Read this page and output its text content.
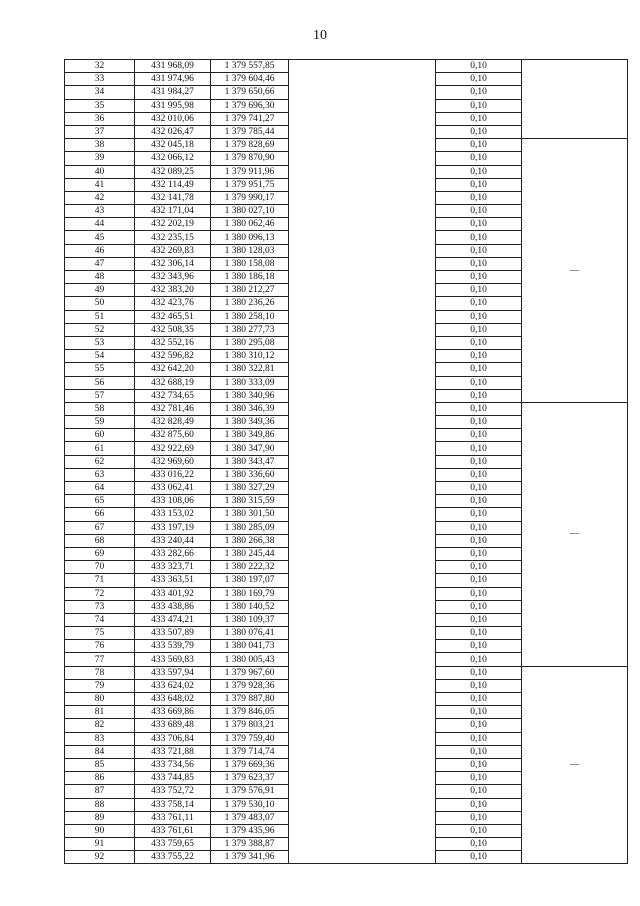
10
32	431 968,09	1 379 557,85		0,10	
33	431 974,96	1 379 604,46		0,10	
34	431 984,27	1 379 650,66		0,10	
35	431 995,98	1 379 696,30		0,10	
36	432 010,06	1 379 741,27		0,10	
37	432 026,47	1 379 785,44		0,10	
38	432 045,18	1 379 828,69		0,10	—
39	432 066,12	1 379 870,90		0,10	
40	432 089,25	1 379 911,96		0,10	
41	432 114,49	1 379 951,75		0,10	
42	432 141,78	1 379 990,17		0,10	
43	432 171,04	1 380 027,10		0,10	
44	432 202,19	1 380 062,46		0,10	
45	432 235,15	1 380 096,13		0,10	
46	432 269,83	1 380 128,03		0,10	
47	432 306,14	1 380 158,08		0,10	
48	432 343,96	1 380 186,18		0,10	
49	432 383,20	1 380 212,27		0,10	
50	432 423,76	1 380 236,26		0,10	
51	432 465,51	1 380 258,10		0,10	
52	432 508,35	1 380 277,73		0,10	
53	432 552,16	1 380 295,08		0,10	
54	432 596,82	1 380 310,12		0,10	
55	432 642,20	1 380 322,81		0,10	
56	432 688,19	1 380 333,09		0,10	
57	432 734,65	1 380 340,96		0,10	
58	432 781,46	1 380 346,39		0,10	—
59	432 828,49	1 380 349,36		0,10	
60	432 875,60	1 380 349,86		0,10	
61	432 922,69	1 380 347,90		0,10	
62	432 969,60	1 380 343,47		0,10	
63	433 016,22	1 380 336,60		0,10	
64	433 062,41	1 380 327,29		0,10	
65	433 108,06	1 380 315,59		0,10	
66	433 153,02	1 380 301,50		0,10	
67	433 197,19	1 380 285,09		0,10	
68	433 240,44	1 380 266,38		0,10	
69	433 282,66	1 380 245,44		0,10	
70	433 323,71	1 380 222,32		0,10	
71	433 363,51	1 380 197,07		0,10	
72	433 401,92	1 380 169,79		0,10	
73	433 438,86	1 380 140,52		0,10	
74	433 474,21	1 380 109,37		0,10	
75	433 507,89	1 380 076,41		0,10	
76	433 539,79	1 380 041,73		0,10	
77	433 569,83	1 380 005,43		0,10	
78	433 597,94	1 379 967,60		0,10	—
79	433 624,02	1 379 928,36		0,10	
80	433 648,02	1 379 887,80		0,10	
81	433 669,86	1 379 846,05		0,10	
82	433 689,48	1 379 803,21		0,10	
83	433 706,84	1 379 759,40		0,10	
84	433 721,88	1 379 714,74		0,10	
85	433 734,56	1 379 669,36		0,10	
86	433 744,85	1 379 623,37		0,10	
87	433 752,72	1 379 576,91		0,10	
88	433 758,14	1 379 530,10		0,10	
89	433 761,11	1 379 483,07		0,10	
90	433 761,61	1 379 435,96		0,10	
91	433 759,65	1 379 388,87		0,10	
92	433 755,22	1 379 341,96		0,10	
